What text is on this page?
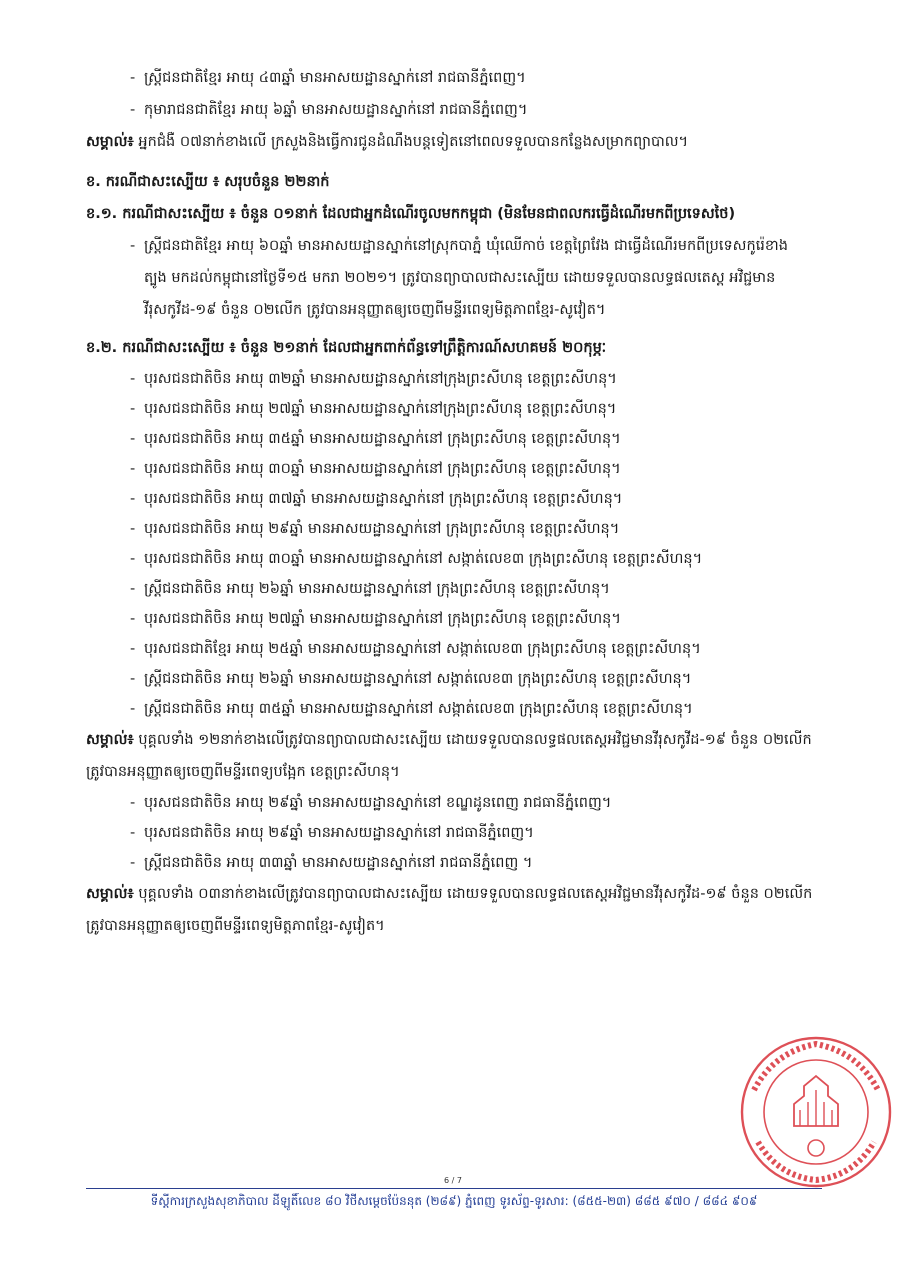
- ស្ត្រីជនជាតិខ្មែរ អាយុ ៤៣ឆ្នាំ មានអាសយដ្ឋានស្នាក់នៅ រាជធានីភ្នំពេញ។
- កុមារាជនជាតិខ្មែរ អាយុ ៦ឆ្នាំ មានអាសយដ្ឋានស្នាក់នៅ រាជធានីភ្នំពេញ។
សម្គាល់៖ អ្នកជំងឺ ០៧នាក់ខាងលើ ក្រសួងនិងធ្វើការជូនដំណឹងបន្តទៀតនៅពេលទទួលបានកន្លែងសម្រាកព្យាបាល។
ខ. ករណីជាសះស្បើយ ៖ សរុបចំនួន ២២នាក់
ខ.១. ករណីជាសះស្បើយ ៖ ចំនួន ០១នាក់ ដែលជាអ្នកដំណើរចូលមកកម្ពុជា (មិនមែនជាពលករធ្វើដំណើរមកពីប្រទេសថៃ)
- ស្ត្រីជនជាតិខ្មែរ អាយុ ៦០ឆ្នាំ មានអាសយដ្ឋានស្នាក់នៅស្រុកបាភ្នំ ឃុំឈើកាច់ ខេត្តព្រៃវែង ជាធ្វើដំណើរមកពីប្រទេសកូរ៉េខាងត្បូង មកដល់កម្ពុជានៅថ្ងៃទី១៥ មករា ២០២១។ ត្រូវបានព្យាបាលជាសះស្បើយ ដោយទទួលបានលទ្ធផលតេស្ត អវិជ្ជមានវីរុសកូវីដ-១៩ ចំនួន ០២លើក ត្រូវបានអនុញ្ញាតឲ្យចេញពីមន្ទីរពេទ្យមិត្តភាពខ្មែរ-សូវៀត។
ខ.២. ករណីជាសះស្បើយ ៖ ចំនួន ២១នាក់ ដែលជាអ្នកពាក់ព័ន្ធទៅព្រឹត្តិការណ៍សហគមន៍ ២០កុម្ភៈ
- បុរសជនជាតិចិន អាយុ ៣២ឆ្នាំ មានអាសយដ្ឋានស្នាក់នៅក្រុងព្រះសីហនុ ខេត្តព្រះសីហនុ។
- បុរសជនជាតិចិន អាយុ ២៧ឆ្នាំ មានអាសយដ្ឋានស្នាក់នៅក្រុងព្រះសីហនុ ខេត្តព្រះសីហនុ។
- បុរសជនជាតិចិន អាយុ ៣៥ឆ្នាំ មានអាសយដ្ឋានស្នាក់នៅ ក្រុងព្រះសីហនុ ខេត្តព្រះសីហនុ។
- បុរសជនជាតិចិន អាយុ ៣០ឆ្នាំ មានអាសយដ្ឋានស្នាក់នៅ ក្រុងព្រះសីហនុ ខេត្តព្រះសីហនុ។
- បុរសជនជាតិចិន អាយុ ៣៧ឆ្នាំ មានអាសយដ្ឋានស្នាក់នៅ ក្រុងព្រះសីហនុ ខេត្តព្រះសីហនុ។
- បុរសជនជាតិចិន អាយុ ២៩ឆ្នាំ មានអាសយដ្ឋានស្នាក់នៅ ក្រុងព្រះសីហនុ ខេត្តព្រះសីហនុ។
- បុរសជនជាតិចិន អាយុ ៣០ឆ្នាំ មានអាសយដ្ឋានស្នាក់នៅ សង្កាត់លេខ៣ ក្រុងព្រះសីហនុ ខេត្តព្រះសីហនុ។
- ស្ត្រីជនជាតិចិន អាយុ ២៦ឆ្នាំ មានអាសយដ្ឋានស្នាក់នៅ ក្រុងព្រះសីហនុ ខេត្តព្រះសីហនុ។
- បុរសជនជាតិចិន អាយុ ២៧ឆ្នាំ មានអាសយដ្ឋានស្នាក់នៅ ក្រុងព្រះសីហនុ ខេត្តព្រះសីហនុ។
- បុរសជនជាតិខ្មែរ អាយុ ២៥ឆ្នាំ មានអាសយដ្ឋានស្នាក់នៅ សង្កាត់លេខ៣ ក្រុងព្រះសីហនុ ខេត្តព្រះសីហនុ។
- ស្ត្រីជនជាតិចិន អាយុ ២៦ឆ្នាំ មានអាសយដ្ឋានស្នាក់នៅ សង្កាត់លេខ៣ ក្រុងព្រះសីហនុ ខេត្តព្រះសីហនុ។
- ស្ត្រីជនជាតិចិន អាយុ ៣៥ឆ្នាំ មានអាសយដ្ឋានស្នាក់នៅ សង្កាត់លេខ៣ ក្រុងព្រះសីហនុ ខេត្តព្រះសីហនុ។
សម្គាល់៖ បុគ្គលទាំង ១២នាក់ខាងលើត្រូវបានព្យាបាលជាសះស្បើយ ដោយទទួលបានលទ្ធផលតេស្តអវិជ្ជមានវីរុសកូវីដ-១៩ ចំនួន ០២លើក ត្រូវបានអនុញ្ញាតឲ្យចេញពីមន្ទីរពេទ្យបង្អែក ខេត្តព្រះសីហនុ។
- បុរសជនជាតិចិន អាយុ ២៩ឆ្នាំ មានអាសយដ្ឋានស្នាក់នៅ ខណ្ឌដូនពេញ រាជធានីភ្នំពេញ។
- បុរសជនជាតិចិន អាយុ ២៩ឆ្នាំ មានអាសយដ្ឋានស្នាក់នៅ រាជធានីភ្នំពេញ។
- ស្ត្រីជនជាតិចិន អាយុ ៣៣ឆ្នាំ មានអាសយដ្ឋានស្នាក់នៅ រាជធានីភ្នំពេញ ។
សម្គាល់៖ បុគ្គលទាំង ០៣នាក់ខាងលើត្រូវបានព្យាបាលជាសះស្បើយ ដោយទទួលបានលទ្ធផលតេស្តអវិជ្ជមានវីរុសកូវីដ-១៩ ចំនួន ០២លើក ត្រូវបានអនុញ្ញាតឲ្យចេញពីមន្ទីរពេទ្យមិត្តភាពខ្មែរ-សូវៀត។
6 / 7
ទីស្តីការក្រសួងសុខាភិបាល ដីឡូតិ៍លេខ ៨០ វិថីសម្តេចប៉ែននុត (២៨៩) ភ្នំពេញ ទូរស័ព្ទ-ទូរសារ: (៨៥៥-២៣) ៨៨៥ ៩៧០ / ៨៨៤ ៩០៩
